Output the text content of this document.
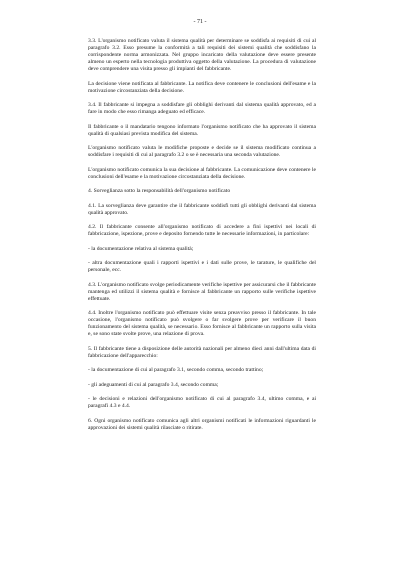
- 71 -

3.3. L'organismo notificato valuta il sistema qualità per determinare se soddisfa ai requisiti di cui al paragrafo 3.2. Esso presume la conformità a tali requisiti dei sistemi qualità che soddisfano la corrispondente norma armonizzata. Nel gruppo incaricato della valutazione deve essere presente almeno un esperto nella tecnologia produttiva oggetto della valutazione. La procedura di valutazione deve comprendere una visita presso gli impianti del fabbricante.

La decisione viene notificata al fabbricante. La notifica deve contenere le conclusioni dell'esame e la motivazione circostanziata della decisione.

3.4. Il fabbricante si impegna a soddisfare gli obblighi derivanti dal sistema qualità approvato, ed a fare in modo che esso rimanga adeguato ed efficace.

Il fabbricante o il mandatario tengono informato l'organismo notificato che ha approvato il sistema qualità di qualsiasi prevista modifica del sistema.

L'organismo notificato valuta le modifiche proposte e decide se il sistema modificato continua a soddisfare i requisiti di cui al paragrafo 3.2 o se è necessaria una seconda valutazione.

L'organismo notificato comunica la sua decisione al fabbricante. La comunicazione deve contenere le conclusioni dell'esame e la motivazione circostanziata della decisione.

4. Sorveglianza sotto la responsabilità dell'organismo notificato

4.1. La sorveglianza deve garantire che il fabbricante soddisfi tutti gli obblighi derivanti dal sistema qualità approvato.

4.2. Il fabbricante consente all'organismo notificato di accedere a fini ispettivi nei locali di fabbricazione, ispezione, prove e deposito fornendo tutte le necessarie informazioni, in particolare:

- la documentazione relativa al sistema qualità;

- altra documentazione quali i rapporti ispettivi e i dati sulle prove, le tarature, le qualifiche del personale, ecc.

4.3. L'organismo notificato svolge periodicamente verifiche ispettive per assicurarsi che il fabbricante mantenga ed utilizzi il sistema qualità e fornisce al fabbricante un rapporto sulle verifiche ispettive effettuate.

4.4. Inoltre l'organismo notificato può effettuare visite senza preavviso presso il fabbricante. In tale occasione, l'organismo notificato può svolgere o far svolgere prove per verificare il buon funzionamento del sistema qualità, se necessario. Esso fornisce al fabbricante un rapporto sulla visita e, se sono state svolte prove, una relazione di prova.

5. Il fabbricante tiene a disposizione delle autorità nazionali per almeno dieci anni dall'ultima data di fabbricazione dell'apparecchio:

- la documentazione di cui al paragrafo 3.1, secondo comma, secondo trattino;

- gli adeguamenti di cui al paragrafo 3.4, secondo comma;

- le decisioni e relazioni dell'organismo notificato di cui al paragrafo 3.4, ultimo comma, e ai paragrafi 4.3 e 4.4.

6. Ogni organismo notificato comunica agli altri organismi notificati le informazioni riguardanti le approvazioni dei sistemi qualità rilasciate o ritirate.
